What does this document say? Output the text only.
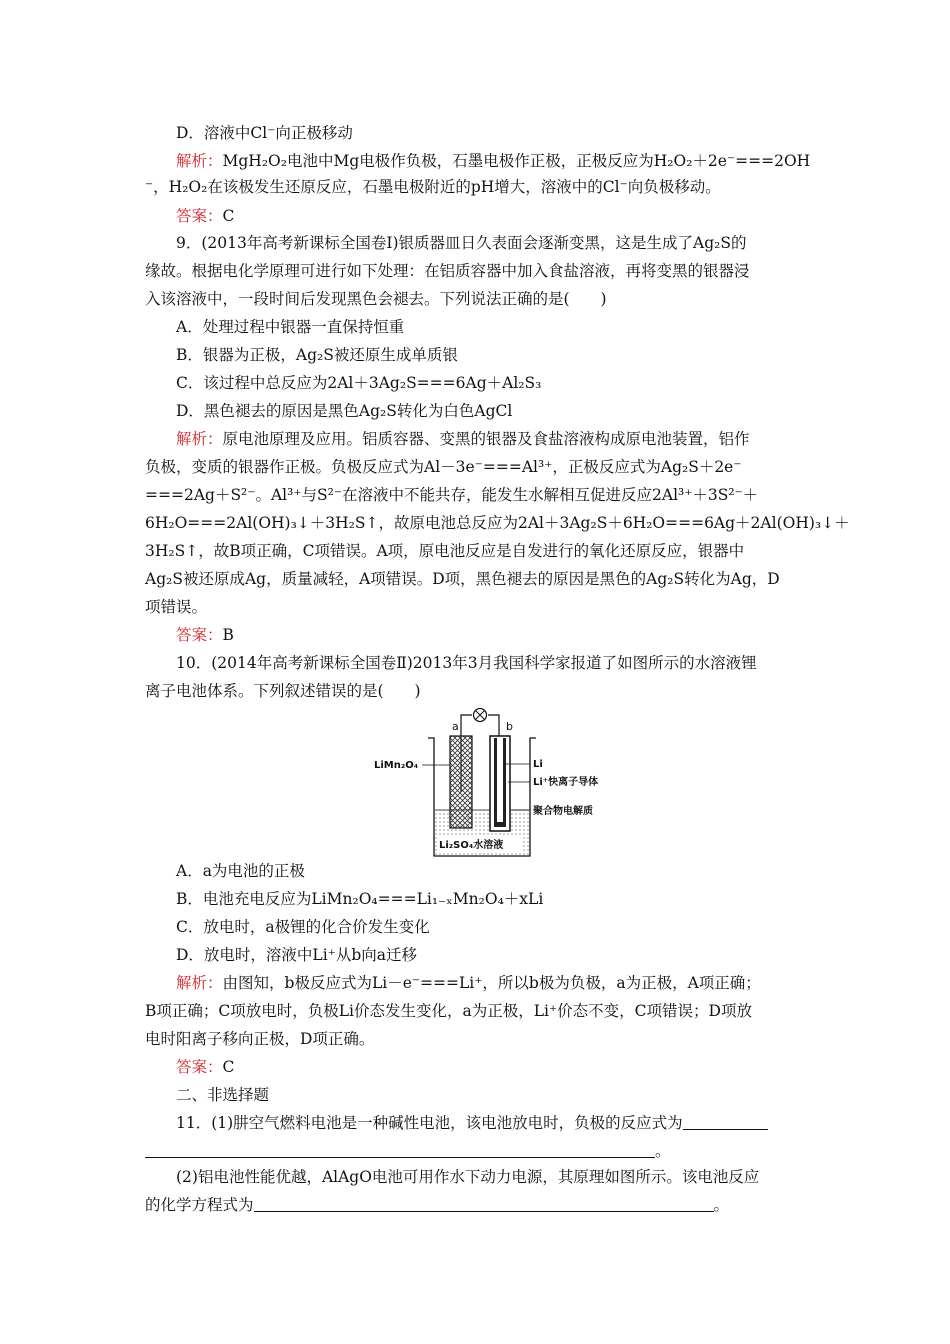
D．溶液中Cl⁻向正极移动
解析：MgH₂O₂电池中Mg电极作负极，石墨电极作正极，正极反应为H₂O₂＋2e⁻===2OH
⁻，H₂O₂在该极发生还原反应，石墨电极附近的pH增大，溶液中的Cl⁻向负极移动。
答案：C
9．(2013年高考新课标全国卷Ⅰ)银质器皿日久表面会逐渐变黑，这是生成了Ag₂S的
缘故。根据电化学原理可进行如下处理：在铝质容器中加入食盐溶液，再将变黑的银器浸
入该溶液中，一段时间后发现黑色会褪去。下列说法正确的是(　　)
A．处理过程中银器一直保持恒重
B．银器为正极，Ag₂S被还原生成单质银
C．该过程中总反应为2Al＋3Ag₂S===6Ag＋Al₂S₃
D．黑色褪去的原因是黑色Ag₂S转化为白色AgCl
解析：原电池原理及应用。铝质容器、变黑的银器及食盐溶液构成原电池装置，铝作
负极，变质的银器作正极。负极反应式为Al－3e⁻===Al³⁺，正极反应式为Ag₂S＋2e⁻
===2Ag＋S²⁻。Al³⁺与S²⁻在溶液中不能共存，能发生水解相互促进反应2Al³⁺＋3S²⁻＋
6H₂O===2Al(OH)₃↓＋3H₂S↑，故原电池总反应为2Al＋3Ag₂S＋6H₂O===6Ag＋2Al(OH)₃↓＋
3H₂S↑，故B项正确，C项错误。A项，原电池反应是自发进行的氧化还原反应，银器中
Ag₂S被还原成Ag，质量减轻，A项错误。D项，黑色褪去的原因是黑色的Ag₂S转化为Ag，D
项错误。
答案：B
10．(2014年高考新课标全国卷Ⅱ)2013年3月我国科学家报道了如图所示的水溶液锂
离子电池体系。下列叙述错误的是(　　)
a	b
LiMn₂O₄	Li
Li⁺快离子导体
聚合物电解质
Li₂SO₄水溶液
A．a为电池的正极
B．电池充电反应为LiMn₂O₄===Li₁₋ₓMn₂O₄＋xLi
C．放电时，a极锂的化合价发生变化
D．放电时，溶液中Li⁺从b向a迁移
解析：由图知，b极反应式为Li－e⁻===Li⁺，所以b极为负极，a为正极，A项正确；
B项正确；C项放电时，负极Li价态发生变化，a为正极，Li⁺价态不变，C项错误；D项放
电时阳离子移向正极，D项正确。
答案：C
二、非选择题
11．(1)肼空气燃料电池是一种碱性电池，该电池放电时，负极的反应式为
。
(2)铝电池性能优越，AlAgO电池可用作水下动力电源，其原理如图所示。该电池反应
的化学方程式为	。
